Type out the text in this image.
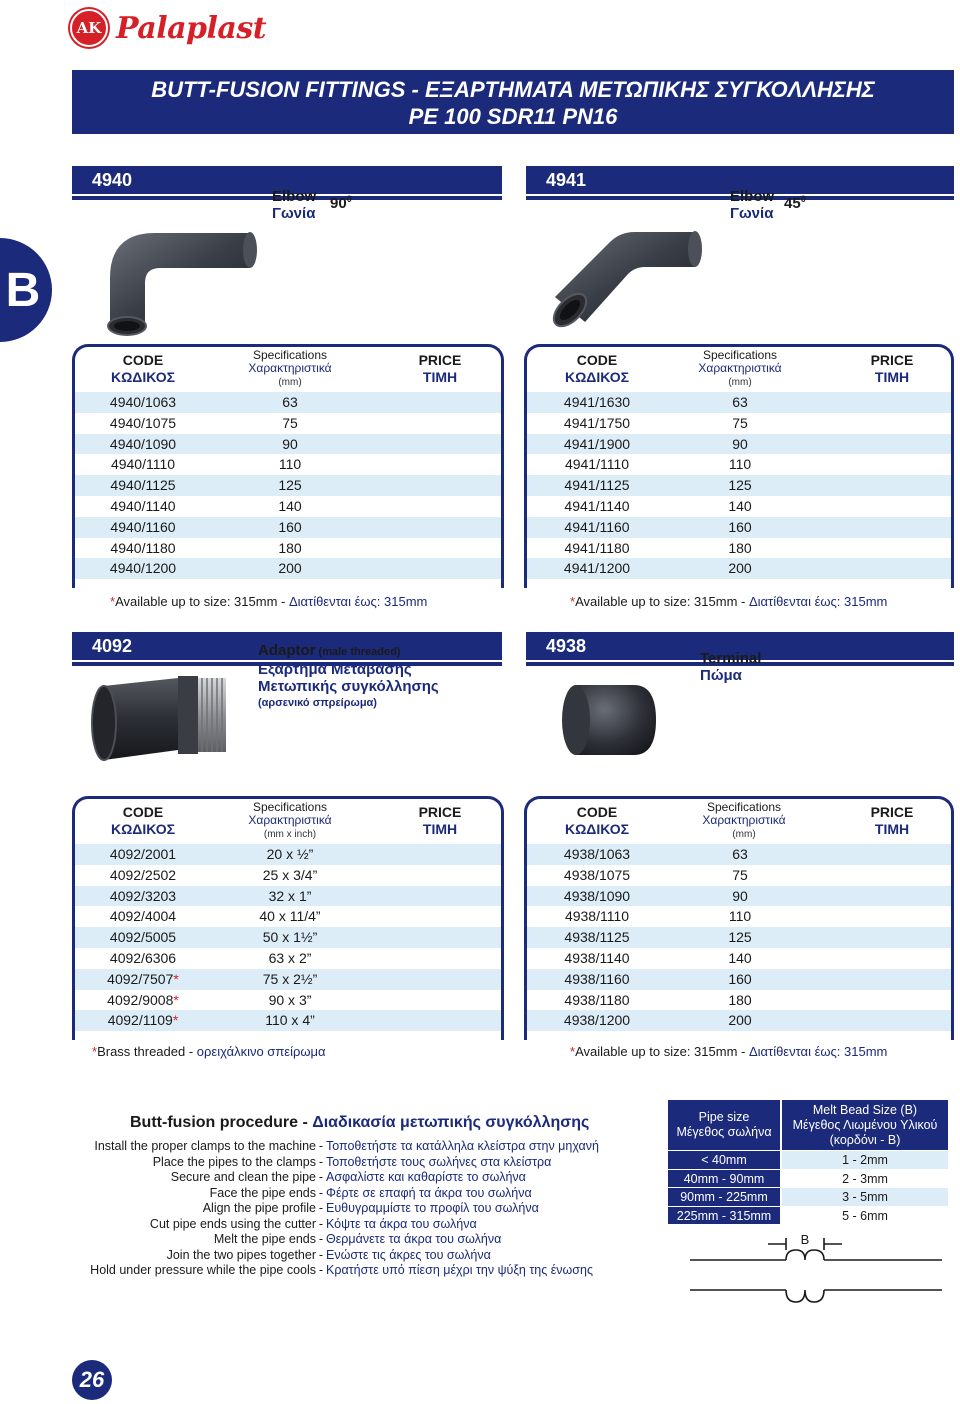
AK Palaplast
BUTT-FUSION FITTINGS - ΕΞΑΡΤΗΜΑΤΑ ΜΕΤΩΠΙΚΗΣ ΣΥΓΚΟΛΛΗΣΗΣ
PE 100 SDR11 PN16
B
4940
Elbow
Γωνία
$90^0$
CODE
ΚΩΔΙΚΟΣ
Specifications
Χαρακτηριστικά
(mm)
PRICE
ΤΙΜΗ
4940/1063	63
4940/1075	75
4940/1090	90
4940/1110	110
4940/1125	125
4940/1140	140
4940/1160	160
4940/1180	180
4940/1200	200
*Available up to size: 315mm - Διατίθενται έως: 315mm
4941
Elbow
Γωνία
$45^0$
CODE
ΚΩΔΙΚΟΣ
Specifications
Χαρακτηριστικά
(mm)
PRICE
ΤΙΜΗ
4941/1630	63
4941/1750	75
4941/1900	90
4941/1110	110
4941/1125	125
4941/1140	140
4941/1160	160
4941/1180	180
4941/1200	200
*Available up to size: 315mm - Διατίθενται έως: 315mm
4092	Adaptor (male threaded)
Εξάρτημα Μετάβασης
Μετωπικής συγκόλλησης
(αρσενικό σπρείρωμα)
CODE
ΚΩΔΙΚΟΣ
Specifications
Χαρακτηριστικά
(mm x inch)
PRICE
ΤΙΜΗ
4092/2001	20 x ½”
4092/2502	25 x 3/4”
4092/3203	32 x 1”
4092/4004	40 x 11/4”
4092/5005	50 x 1½”
4092/6306	63 x 2”
4092/7507*	75 x 2½”
4092/9008*	90 x 3”
4092/1109*	110 x 4”
*Brass threaded - ορειχάλκινο σπείρωμα
4938
Terminal
Πώμα
CODE
ΚΩΔΙΚΟΣ
Specifications
Χαρακτηριστικά
(mm)
PRICE
ΤΙΜΗ
4938/1063	63
4938/1075	75
4938/1090	90
4938/1110	110
4938/1125	125
4938/1140	140
4938/1160	160
4938/1180	180
4938/1200	200
*Available up to size: 315mm - Διατίθενται έως: 315mm
Butt-fusion procedure - Διαδικασία μετωπικής συγκόλλησης
Install the proper clamps to the machine - Τοποθετήστε τα κατάλληλα κλείστρα στην μηχανή
Place the pipes to the clamps - Τοποθετήστε τους σωλήνες στα κλείστρα
Secure and clean the pipe - Ασφαλίστε και καθαρίστε το σωλήνα
Face the pipe ends - Φέρτε σε επαφή τα άκρα του σωλήνα
Align the pipe profile - Ευθυγραμμίστε το προφίλ του σωλήνα
Cut pipe ends using the cutter - Κόψτε τα άκρα του σωλήνα
Melt the pipe ends - Θερμάνετε τα άκρα του σωλήνα
Join the two pipes together - Ενώστε τις άκρες του σωλήνα
Hold under pressure while the pipe cools - Κρατήστε υπό πίεση μέχρι την ψύξη της ένωσης
Pipe size
Μέγεθος σωλήνα
Melt Bead Size (B)
Μέγεθος Λιωμένου Υλικού
(κορδόνι - B)
< 40mm	1 - 2mm
40mm - 90mm	2 - 3mm
90mm - 225mm	3 - 5mm
225mm - 315mm	5 - 6mm
B
26
